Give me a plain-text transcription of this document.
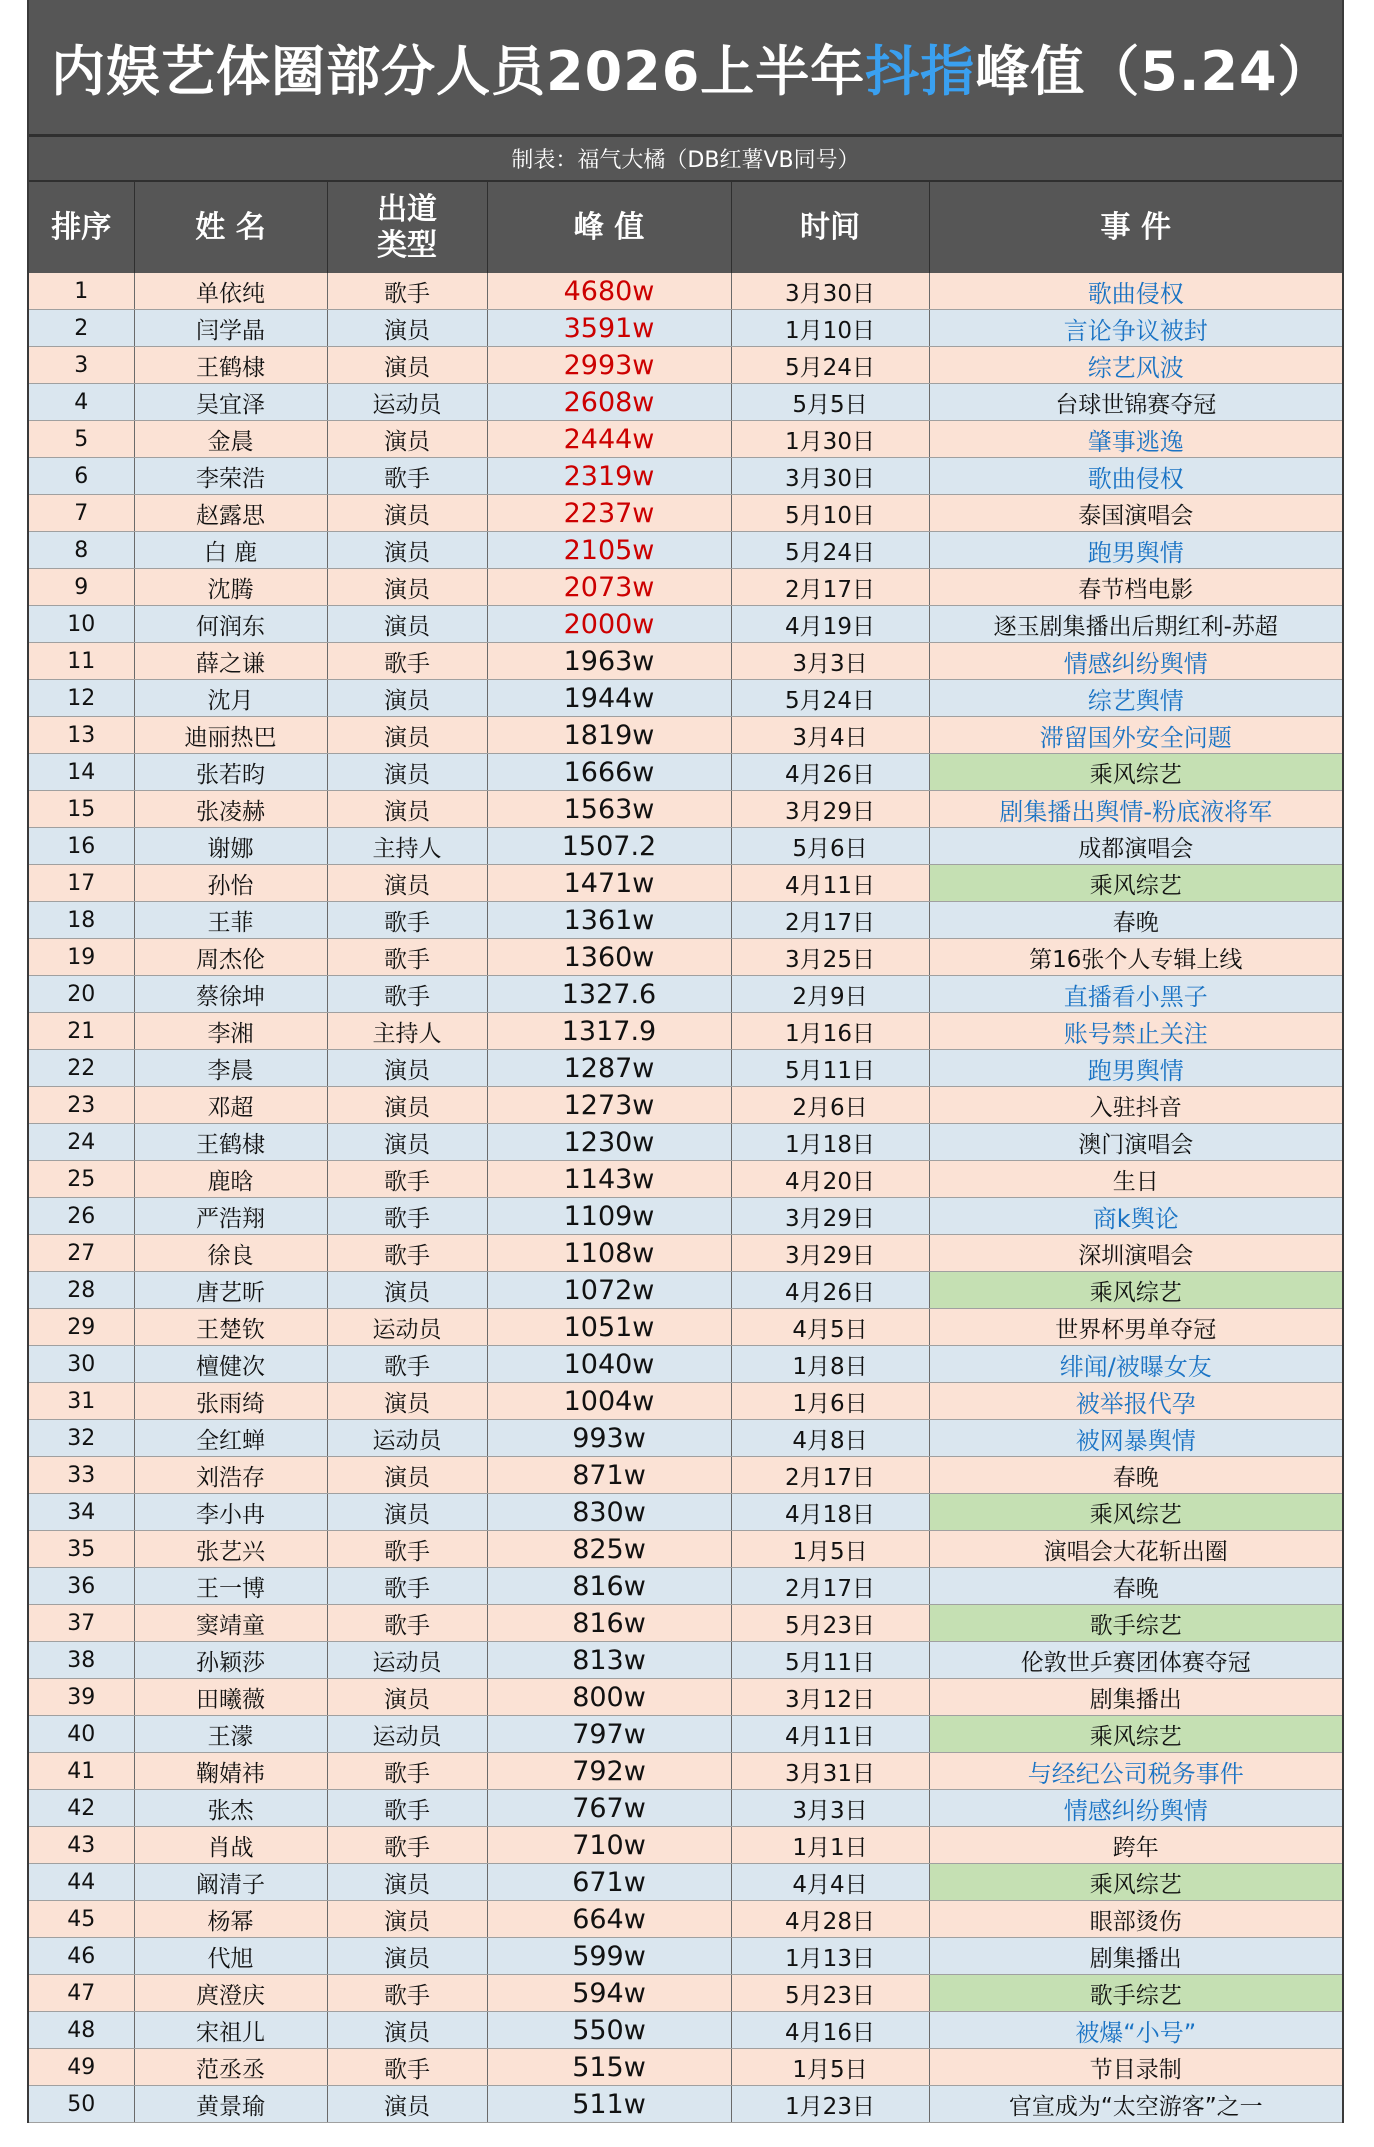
内娱艺体圈部分人员2026上半年 抖指 峰值（5.24）
制表：福气大橘（DB红薯VB同号）
排序	姓 名	出道类型	峰 值	时间	事 件
1	单依纯	歌手	4680w	3月30日	歌曲侵权
2	闫学晶	演员	3591w	1月10日	言论争议被封
3	王鹤棣	演员	2993w	5月24日	综艺风波
4	吴宜泽	运动员	2608w	5月5日	台球世锦赛夺冠
5	金晨	演员	2444w	1月30日	肇事逃逸
6	李荣浩	歌手	2319w	3月30日	歌曲侵权
7	赵露思	演员	2237w	5月10日	泰国演唱会
8	白 鹿	演员	2105w	5月24日	跑男舆情
9	沈腾	演员	2073w	2月17日	春节档电影
10	何润东	演员	2000w	4月19日	逐玉剧集播出后期红利-苏超
11	薛之谦	歌手	1963w	3月3日	情感纠纷舆情
12	沈月	演员	1944w	5月24日	综艺舆情
13	迪丽热巴	演员	1819w	3月4日	滞留国外安全问题
14	张若昀	演员	1666w	4月26日	乘风综艺
15	张凌赫	演员	1563w	3月29日	剧集播出舆情-粉底液将军
16	谢娜	主持人	1507.2	5月6日	成都演唱会
17	孙怡	演员	1471w	4月11日	乘风综艺
18	王菲	歌手	1361w	2月17日	春晚
19	周杰伦	歌手	1360w	3月25日	第16张个人专辑上线
20	蔡徐坤	歌手	1327.6	2月9日	直播看小黑子
21	李湘	主持人	1317.9	1月16日	账号禁止关注
22	李晨	演员	1287w	5月11日	跑男舆情
23	邓超	演员	1273w	2月6日	入驻抖音
24	王鹤棣	演员	1230w	1月18日	澳门演唱会
25	鹿晗	歌手	1143w	4月20日	生日
26	严浩翔	歌手	1109w	3月29日	商k舆论
27	徐良	歌手	1108w	3月29日	深圳演唱会
28	唐艺昕	演员	1072w	4月26日	乘风综艺
29	王楚钦	运动员	1051w	4月5日	世界杯男单夺冠
30	檀健次	歌手	1040w	1月8日	绯闻/被曝女友
31	张雨绮	演员	1004w	1月6日	被举报代孕
32	全红蝉	运动员	993w	4月8日	被网暴舆情
33	刘浩存	演员	871w	2月17日	春晚
34	李小冉	演员	830w	4月18日	乘风综艺
35	张艺兴	歌手	825w	1月5日	演唱会大花斩出圈
36	王一博	歌手	816w	2月17日	春晚
37	窦靖童	歌手	816w	5月23日	歌手综艺
38	孙颖莎	运动员	813w	5月11日	伦敦世乒赛团体赛夺冠
39	田曦薇	演员	800w	3月12日	剧集播出
40	王濛	运动员	797w	4月11日	乘风综艺
41	鞠婧祎	歌手	792w	3月31日	与经纪公司税务事件
42	张杰	歌手	767w	3月3日	情感纠纷舆情
43	肖战	歌手	710w	1月1日	跨年
44	阚清子	演员	671w	4月4日	乘风综艺
45	杨幂	演员	664w	4月28日	眼部烫伤
46	代旭	演员	599w	1月13日	剧集播出
47	庹澄庆	歌手	594w	5月23日	歌手综艺
48	宋祖儿	演员	550w	4月16日	被爆“小号”
49	范丞丞	歌手	515w	1月5日	节目录制
50	黄景瑜	演员	511w	1月23日	官宣成为“太空游客”之一
